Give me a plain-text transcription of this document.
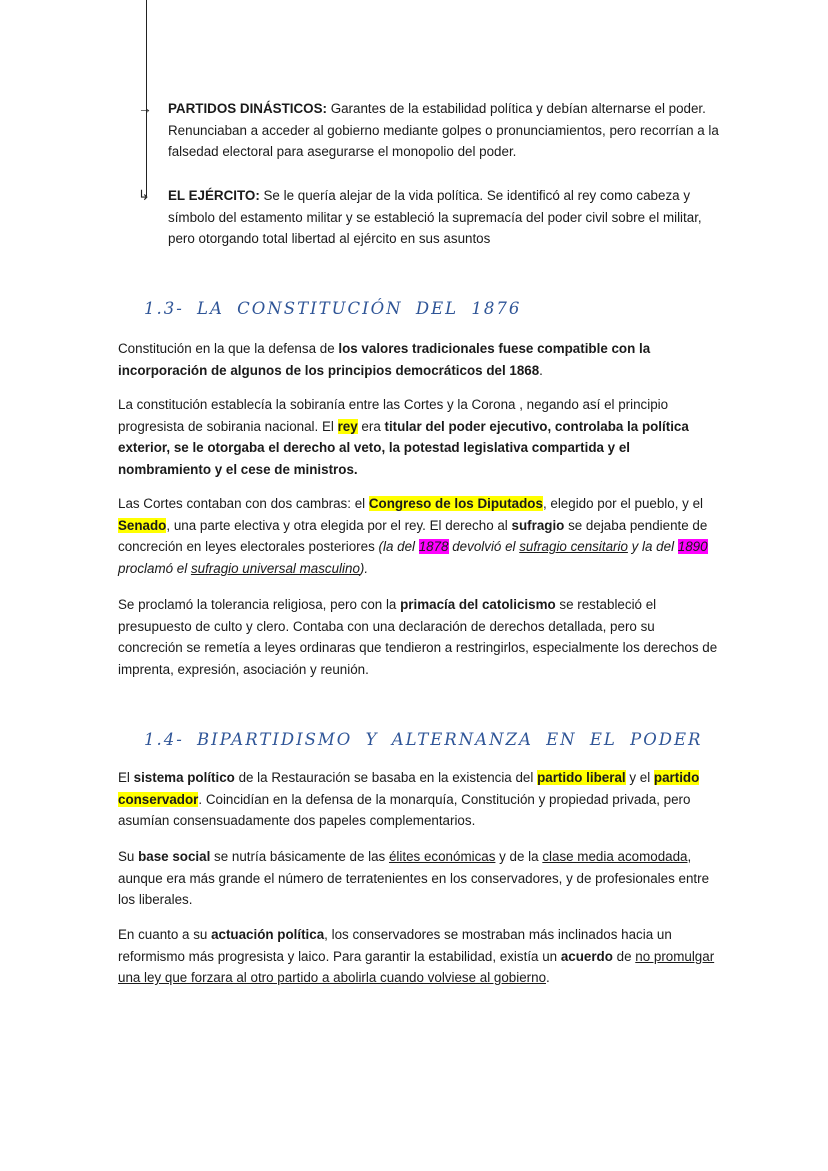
→ PARTIDOS DINÁSTICOS: Garantes de la estabilidad política y debían alternarse el poder. Renunciaban a acceder al gobierno mediante golpes o pronunciamientos, pero recorrían a la falsedad electoral para asegurarse el monopolio del poder.
↳ EL EJÉRCITO: Se le quería alejar de la vida política. Se identificó al rey como cabeza y símbolo del estamento militar y se estableció la supremacía del poder civil sobre el militar, pero otorgando total libertad al ejército en sus asuntos
1.3- LA CONSTITUCIÓN DEL 1876

Constitución en la que la defensa de los valores tradicionales fuese compatible con la incorporación de algunos de los principios democráticos del 1868.

La constitución establecía la sobiranía entre las Cortes y la Corona , negando así el principio progresista de sobirania nacional. El rey era titular del poder ejecutivo, controlaba la política exterior, se le otorgaba el derecho al veto, la potestad legislativa compartida y el nombramiento y el cese de ministros.

Las Cortes contaban con dos cambras: el Congreso de los Diputados, elegido por el pueblo, y el Senado, una parte electiva y otra elegida por el rey. El derecho al sufragio se dejaba pendiente de concreción en leyes electorales posteriores (la del 1878 devolvió el sufragio censitario y la del 1890 proclamó el sufragio universal masculino).

Se proclamó la tolerancia religiosa, pero con la primacía del catolicismo se restableció el presupuesto de culto y clero. Contaba con una declaración de derechos detallada, pero su concreción se remetía a leyes ordinaras que tendieron a restringirlos, especialmente los derechos de imprenta, expresión, asociación y reunión.

1.4- BIPARTIDISMO Y ALTERNANZA EN EL PODER

El sistema político de la Restauración se basaba en la existencia del partido liberal y el partido conservador. Coincidían en la defensa de la monarquía, Constitución y propiedad privada, pero asumían consensuadamente dos papeles complementarios.

Su base social se nutría básicamente de las élites económicas y de la clase media acomodada, aunque era más grande el número de terratenientes en los conservadores, y de profesionales entre los liberales.

En cuanto a su actuación política, los conservadores se mostraban más inclinados hacia un reformismo más progresista y laico. Para garantir la estabilidad, existía un acuerdo de no promulgar una ley que forzara al otro partido a abolirla cuando volviese al gobierno.
